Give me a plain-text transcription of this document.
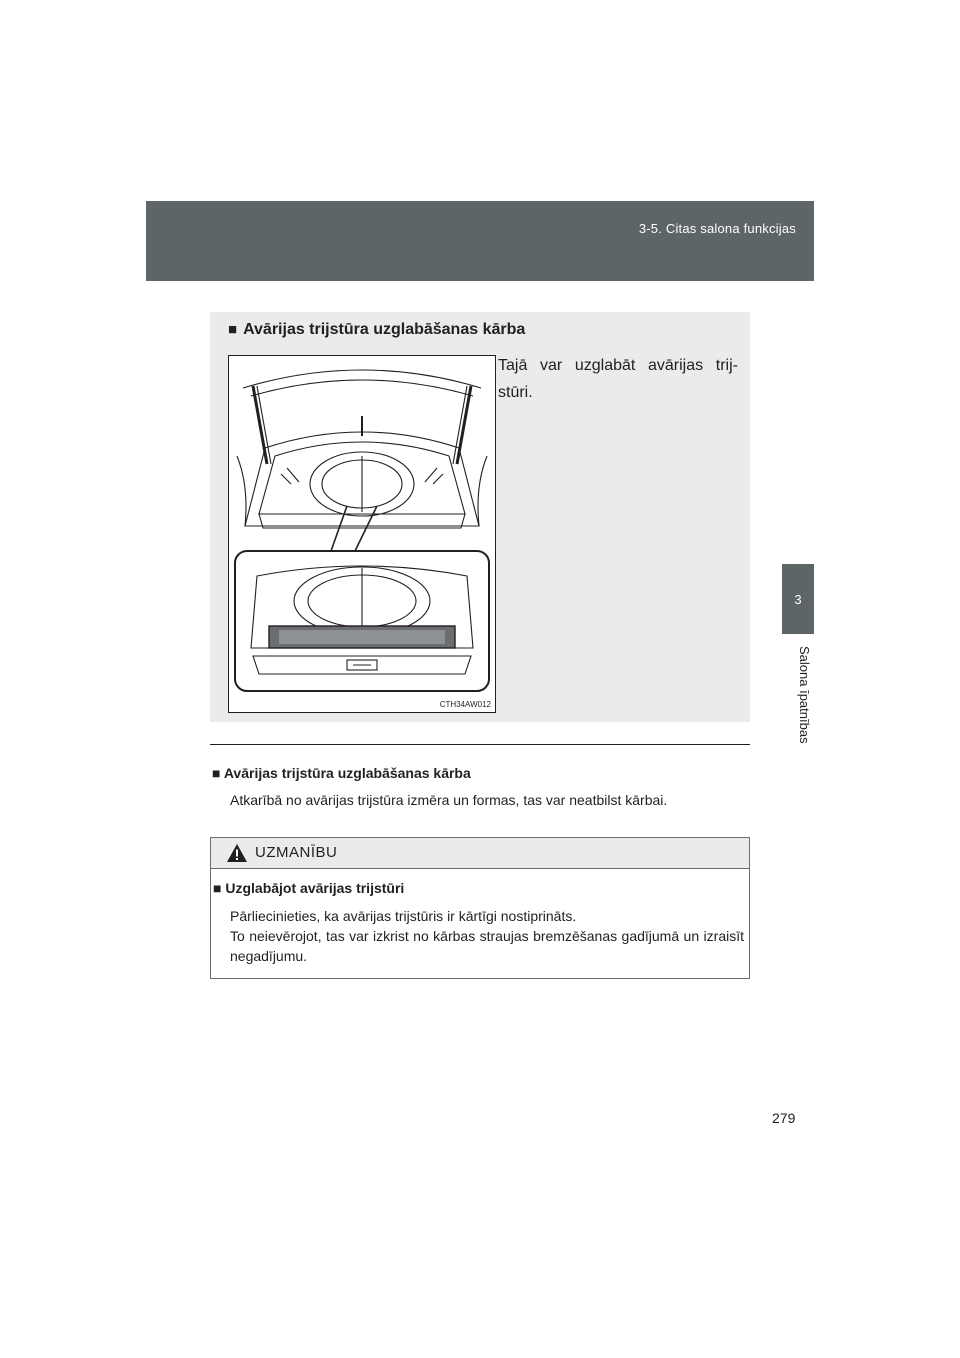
3-5. Citas salona funkcijas
3
Salona īpatnības
■ Avārijas trijstūra uzglabāšanas kārba
Tajā var uzglabāt avārijas trij-stūri.
CTH34AW012
■ Avārijas trijstūra uzglabāšanas kārba
Atkarībā no avārijas trijstūra izmēra un formas, tas var neatbilst kārbai.
UZMANĪBU
■ Uzglabājot avārijas trijstūri
Pārliecinieties, ka avārijas trijstūris ir kārtīgi nostiprināts.
To neievērojot, tas var izkrist no kārbas straujas bremzēšanas gadījumā un izraisīt negadījumu.
279
